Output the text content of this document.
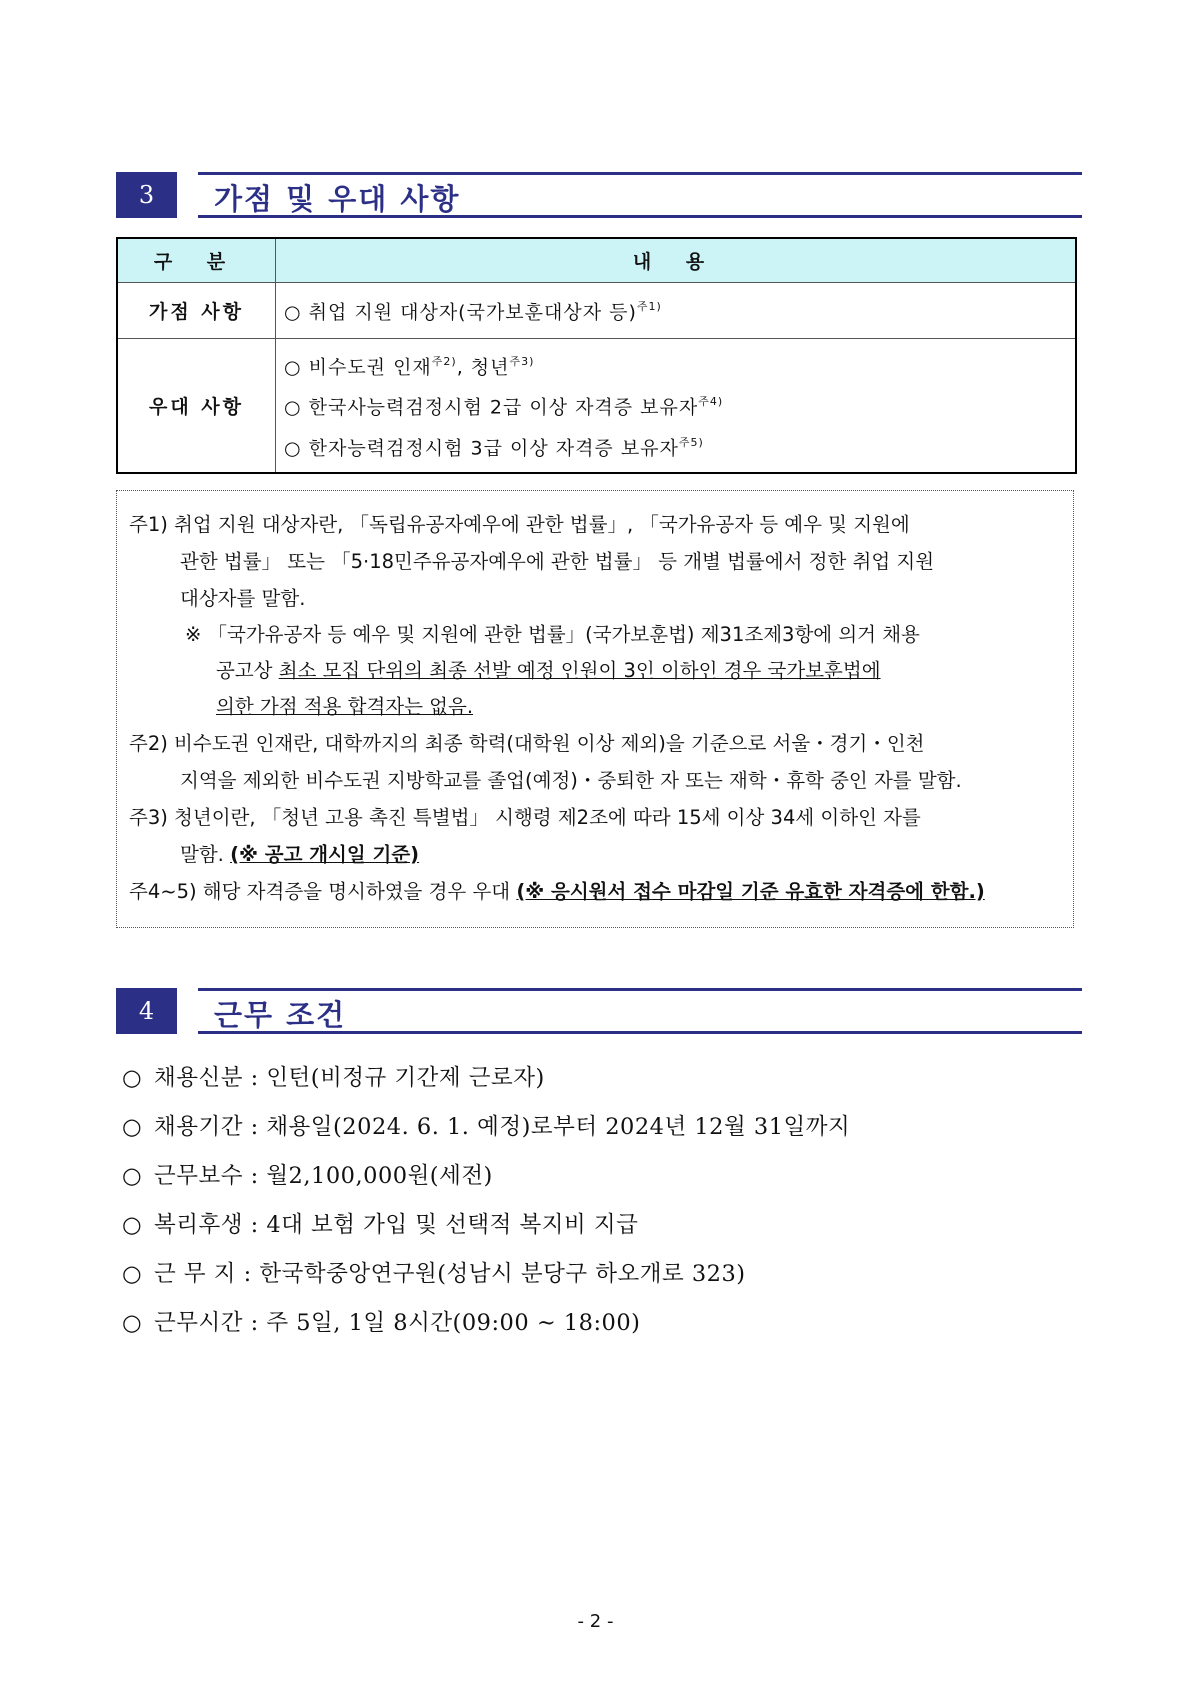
3	가점 및 우대 사항
구 분	내 용
가점 사항	○ 취업 지원 대상자(국가보훈대상자 등)$^{주1)}$
우대 사항	○ 비수도권 인재$^{주2)}$, 청년$^{주3)}$
○ 한국사능력검정시험 2급 이상 자격증 보유자$^{주4)}$
○ 한자능력검정시험 3급 이상 자격증 보유자$^{주5)}$
주1) 취업 지원 대상자란, 「독립유공자예우에 관한 법률」, 「국가유공자 등 예우 및 지원에
관한 법률」 또는 「5·18민주유공자예우에 관한 법률」 등 개별 법률에서 정한 취업 지원
대상자를 말함.
※ 「국가유공자 등 예우 및 지원에 관한 법률」(국가보훈법) 제31조제3항에 의거 채용
공고상 최소 모집 단위의 최종 선발 예정 인원이 3인 이하인 경우 국가보훈법에
의한 가점 적용 합격자는 없음.
주2) 비수도권 인재란, 대학까지의 최종 학력(대학원 이상 제외)을 기준으로 서울・경기・인천
지역을 제외한 비수도권 지방학교를 졸업(예정)・중퇴한 자 또는 재학・휴학 중인 자를 말함.
주3) 청년이란, 「청년 고용 촉진 특별법」 시행령 제2조에 따라 15세 이상 34세 이하인 자를
말함. (※ 공고 개시일 기준)
주4~5) 해당 자격증을 명시하였을 경우 우대 (※ 응시원서 접수 마감일 기준 유효한 자격증에 한함.)
4	근무 조건
○ 채용신분 : 인턴(비정규 기간제 근로자)
○ 채용기간 : 채용일(2024. 6. 1. 예정)로부터 2024년 12월 31일까지
○ 근무보수 : 월2,100,000원(세전)
○ 복리후생 : 4대 보험 가입 및 선택적 복지비 지급
○ 근 무 지 : 한국학중앙연구원(성남시 분당구 하오개로 323)
○ 근무시간 : 주 5일, 1일 8시간(09:00 ~ 18:00)
- 2 -
